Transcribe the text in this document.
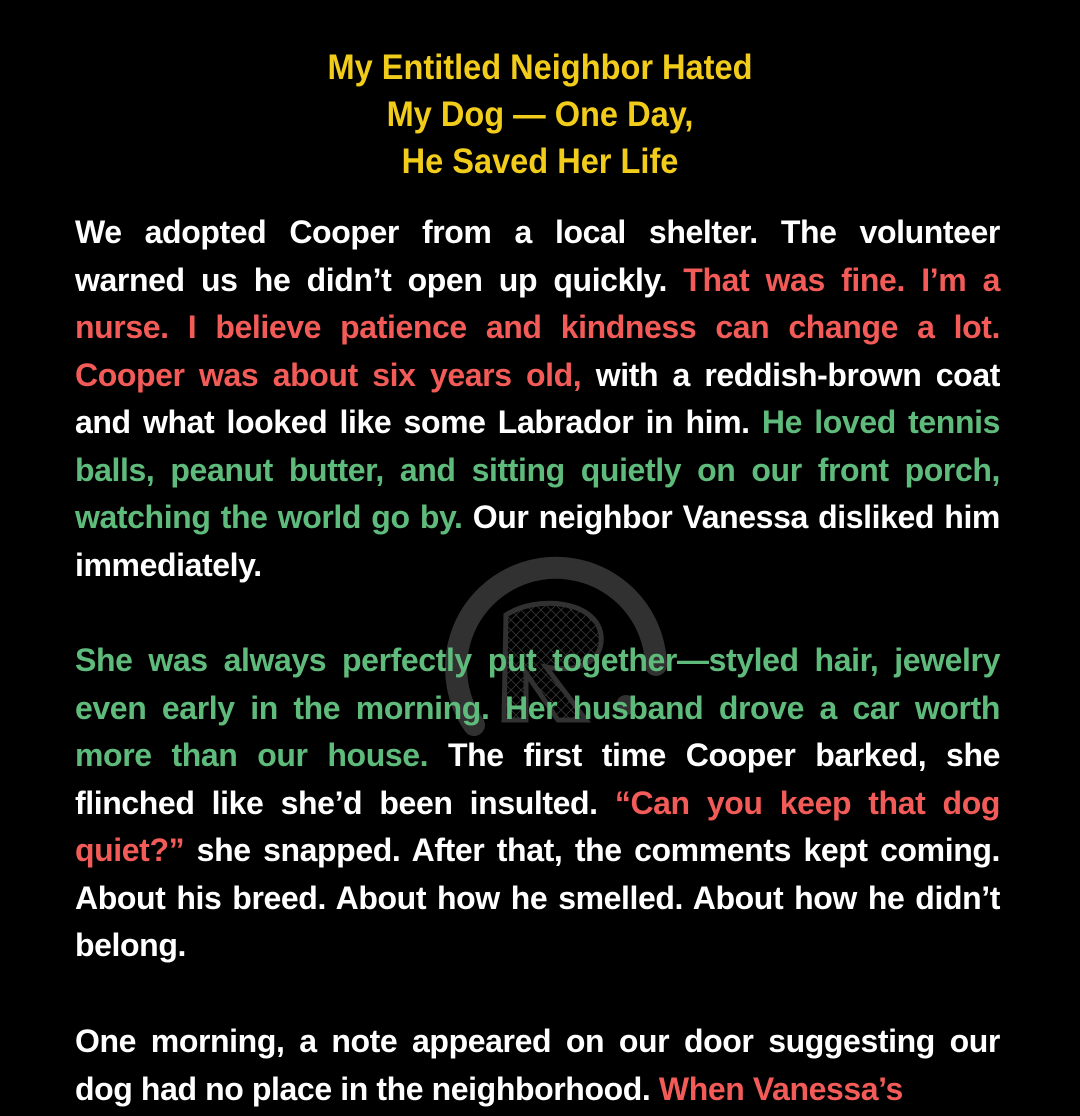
My Entitled Neighbor Hated
My Dog — One Day,
He Saved Her Life
We adopted Cooper from a local shelter. The volunteer warned us he didn’t open up quickly. That was fine. I’m a nurse. I believe patience and kindness can change a lot. Cooper was about six years old, with a reddish-brown coat and what looked like some Labrador in him. He loved tennis balls, peanut butter, and sitting quietly on our front porch, watching the world go by. Our neighbor Vanessa disliked him immediately.
She was always perfectly put together—styled hair, jewelry even early in the morning. Her husband drove a car worth more than our house. The first time Cooper barked, she flinched like she’d been insulted. “Can you keep that dog quiet?” she snapped. After that, the comments kept coming. About his breed. About how he smelled. About how he didn’t belong.
One morning, a note appeared on our door suggesting our dog had no place in the neighborhood. When Vanessa’s
